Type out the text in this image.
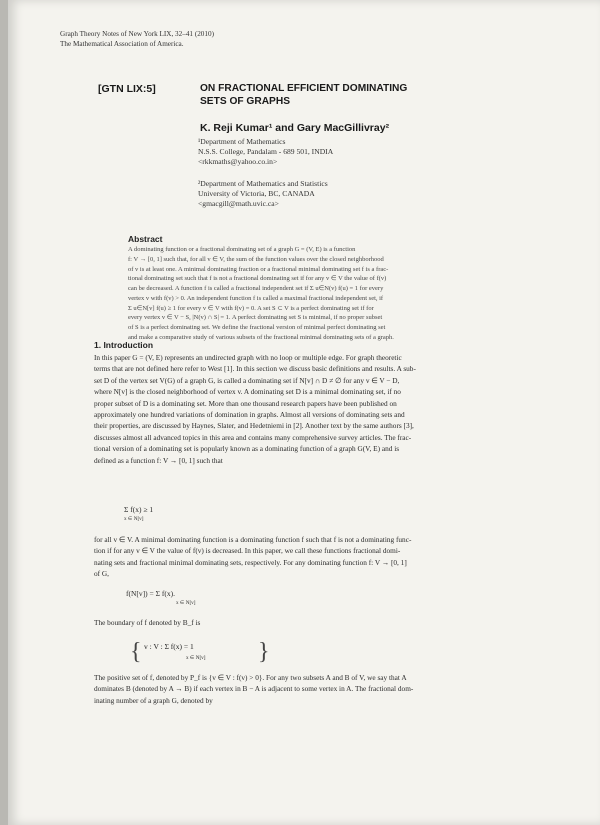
Graph Theory Notes of New York LIX, 32–41 (2010)
The Mathematical Association of America.
[GTN LIX:5]	ON FRACTIONAL EFFICIENT DOMINATING
SETS OF GRAPHS
K. Reji Kumar¹ and Gary MacGillivray²
¹Department of Mathematics
N.S.S. College, Pandalam - 689 501, INDIA
<rkkmaths@yahoo.co.in>
²Department of Mathematics and Statistics
University of Victoria, BC, CANADA
<gmacgill@math.uvic.ca>
Abstract
A dominating function or a fractional dominating set of a graph G = (V, E) is a function
f: V → [0, 1] such that, for all v ∈ V, the sum of the function values over the closed neighborhood
of v is at least one. A minimal dominating fraction or a fractional minimal dominating set f is a frac-
tional dominating set such that f is not a fractional dominating set if for any v ∈ V the value of f(v)
can be decreased. A function f is called a fractional independent set if Σ u∈N(v) f(u) = 1 for every
vertex v with f(v) > 0. An independent function f is called a maximal fractional independent set, if
Σ u∈N[v] f(u) ≥ 1 for every v ∈ V with f(v) = 0. A set S ⊂ V is a perfect dominating set if for
every vertex v ∈ V − S, |N(v) ∩ S| = 1. A perfect dominating set S is minimal, if no proper subset
of S is a perfect dominating set. We define the fractional version of minimal perfect dominating set
and make a comparative study of various subsets of the fractional minimal dominating sets of a graph.
1. Introduction
In this paper G = (V, E) represents an undirected graph with no loop or multiple edge. For graph theoretic
terms that are not defined here refer to West [1]. In this section we discuss basic definitions and results. A sub-
set D of the vertex set V(G) of a graph G, is called a dominating set if N[v] ∩ D ≠ ∅ for any v ∈ V − D,
where N[v] is the closed neighborhood of vertex v. A dominating set D is a minimal dominating set, if no
proper subset of D is a dominating set. More than one thousand research papers have been published on
approximately one hundred variations of domination in graphs. Almost all versions of dominating sets and
their properties, are discussed by Haynes, Slater, and Hedetniemi in [2]. Another text by the same authors [3],
discusses almost all advanced topics in this area and contains many comprehensive survey articles. The frac-
tional version of a dominating set is popularly known as a dominating function of a graph G(V, E) and is
defined as a function f: V → [0, 1] such that
Σ f(x) ≥ 1
x ∈ N[v]
for all v ∈ V. A minimal dominating function is a dominating function f such that f is not a dominating func-
tion if for any v ∈ V the value of f(v) is decreased. In this paper, we call these functions fractional domi-
nating sets and fractional minimal dominating sets, respectively. For any dominating function f: V → [0, 1]
of G,
f(N[v]) = Σ f(x).
x ∈ N[v]
The boundary of f denoted by B_f is
{ v : V : Σ f(x) = 1
x ∈ N[v] }
The positive set of f, denoted by P_f is {v ∈ V : f(v) > 0}. For any two subsets A and B of V, we say that A
dominates B (denoted by A → B) if each vertex in B − A is adjacent to some vertex in A. The fractional dom-
inating number of a graph G, denoted by
